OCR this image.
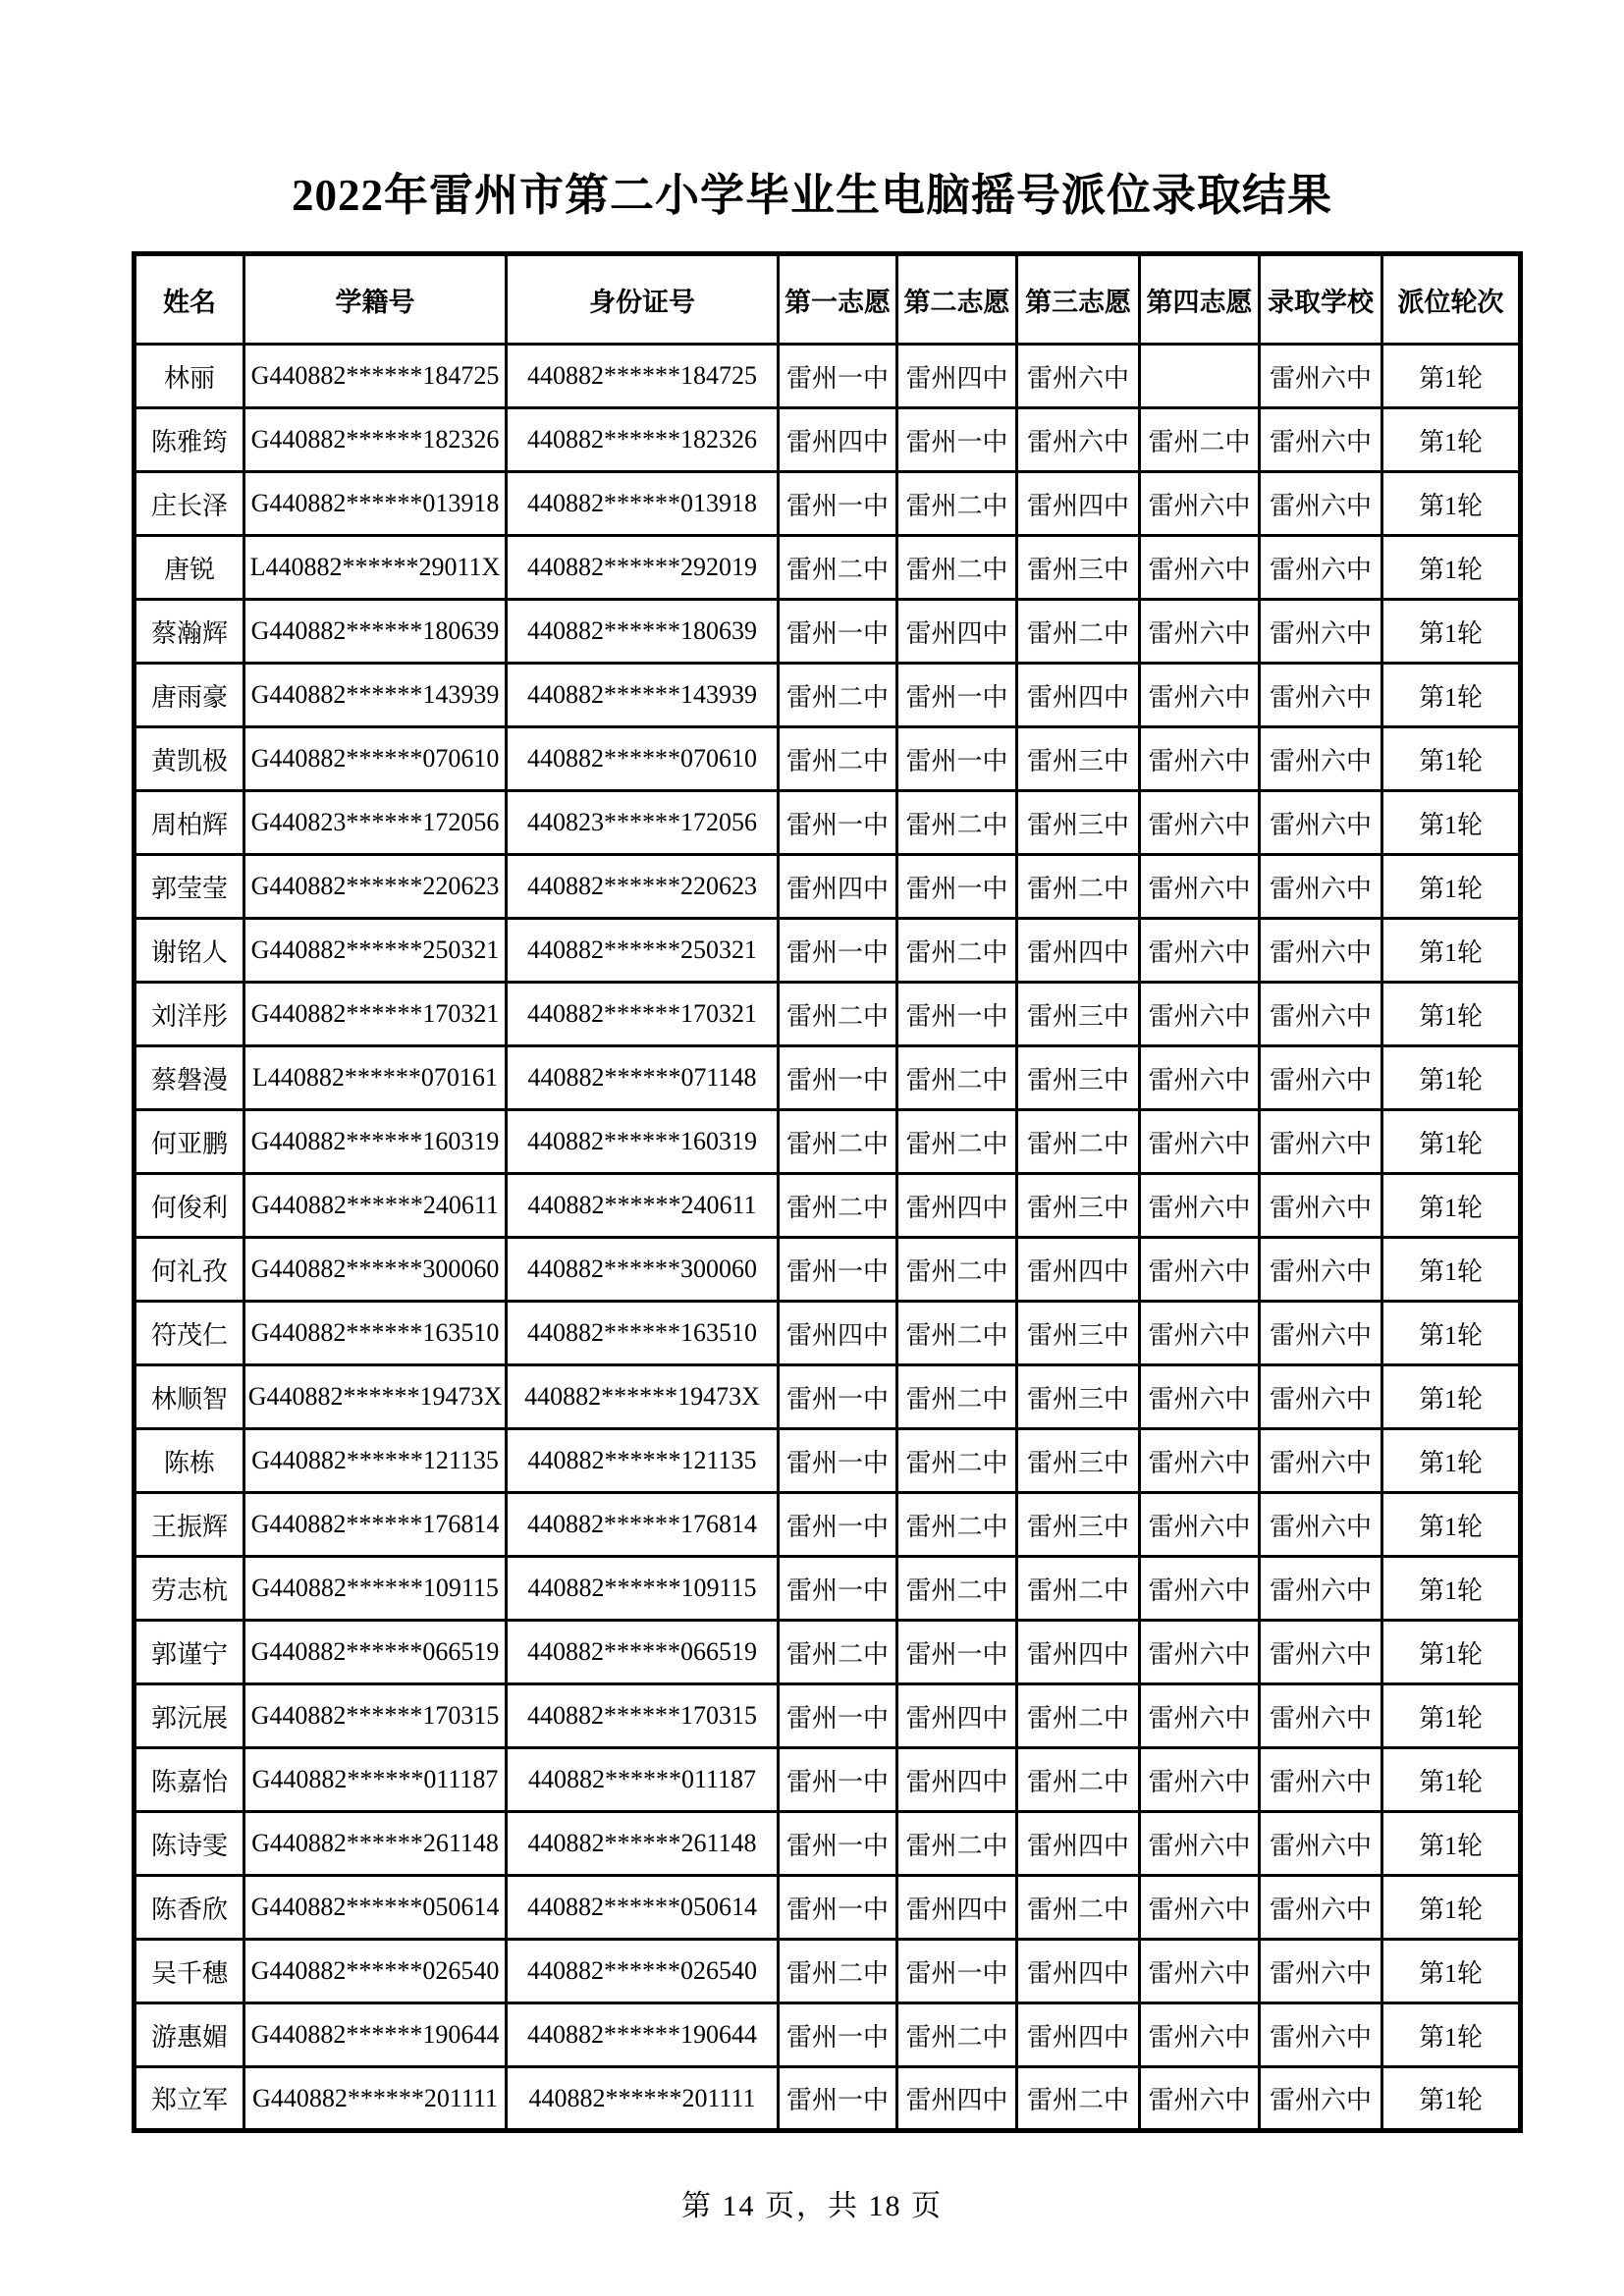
2022年雷州市第二小学毕业生电脑摇号派位录取结果
姓名	学籍号	身份证号	第一志愿	第二志愿	第三志愿	第四志愿	录取学校	派位轮次
林丽	G440882******184725	440882******184725	雷州一中	雷州四中	雷州六中		雷州六中	第1轮
陈雅筠	G440882******182326	440882******182326	雷州四中	雷州一中	雷州六中	雷州二中	雷州六中	第1轮
庄长泽	G440882******013918	440882******013918	雷州一中	雷州二中	雷州四中	雷州六中	雷州六中	第1轮
唐锐	L440882******29011X	440882******292019	雷州二中	雷州二中	雷州三中	雷州六中	雷州六中	第1轮
蔡瀚辉	G440882******180639	440882******180639	雷州一中	雷州四中	雷州二中	雷州六中	雷州六中	第1轮
唐雨豪	G440882******143939	440882******143939	雷州二中	雷州一中	雷州四中	雷州六中	雷州六中	第1轮
黄凯极	G440882******070610	440882******070610	雷州二中	雷州一中	雷州三中	雷州六中	雷州六中	第1轮
周柏辉	G440823******172056	440823******172056	雷州一中	雷州二中	雷州三中	雷州六中	雷州六中	第1轮
郭莹莹	G440882******220623	440882******220623	雷州四中	雷州一中	雷州二中	雷州六中	雷州六中	第1轮
谢铭人	G440882******250321	440882******250321	雷州一中	雷州二中	雷州四中	雷州六中	雷州六中	第1轮
刘洋彤	G440882******170321	440882******170321	雷州二中	雷州一中	雷州三中	雷州六中	雷州六中	第1轮
蔡磐漫	L440882******070161	440882******071148	雷州一中	雷州二中	雷州三中	雷州六中	雷州六中	第1轮
何亚鹏	G440882******160319	440882******160319	雷州二中	雷州二中	雷州二中	雷州六中	雷州六中	第1轮
何俊利	G440882******240611	440882******240611	雷州二中	雷州四中	雷州三中	雷州六中	雷州六中	第1轮
何礼孜	G440882******300060	440882******300060	雷州一中	雷州二中	雷州四中	雷州六中	雷州六中	第1轮
符茂仁	G440882******163510	440882******163510	雷州四中	雷州二中	雷州三中	雷州六中	雷州六中	第1轮
林顺智	G440882******19473X	440882******19473X	雷州一中	雷州二中	雷州三中	雷州六中	雷州六中	第1轮
陈栋	G440882******121135	440882******121135	雷州一中	雷州二中	雷州三中	雷州六中	雷州六中	第1轮
王振辉	G440882******176814	440882******176814	雷州一中	雷州二中	雷州三中	雷州六中	雷州六中	第1轮
劳志杭	G440882******109115	440882******109115	雷州一中	雷州二中	雷州二中	雷州六中	雷州六中	第1轮
郭谨宁	G440882******066519	440882******066519	雷州二中	雷州一中	雷州四中	雷州六中	雷州六中	第1轮
郭沅展	G440882******170315	440882******170315	雷州一中	雷州四中	雷州二中	雷州六中	雷州六中	第1轮
陈嘉怡	G440882******011187	440882******011187	雷州一中	雷州四中	雷州二中	雷州六中	雷州六中	第1轮
陈诗雯	G440882******261148	440882******261148	雷州一中	雷州二中	雷州四中	雷州六中	雷州六中	第1轮
陈香欣	G440882******050614	440882******050614	雷州一中	雷州四中	雷州二中	雷州六中	雷州六中	第1轮
吴千穗	G440882******026540	440882******026540	雷州二中	雷州一中	雷州四中	雷州六中	雷州六中	第1轮
游惠媚	G440882******190644	440882******190644	雷州一中	雷州二中	雷州四中	雷州六中	雷州六中	第1轮
郑立军	G440882******201111	440882******201111	雷州一中	雷州四中	雷州二中	雷州六中	雷州六中	第1轮
第 14 页，共 18 页
